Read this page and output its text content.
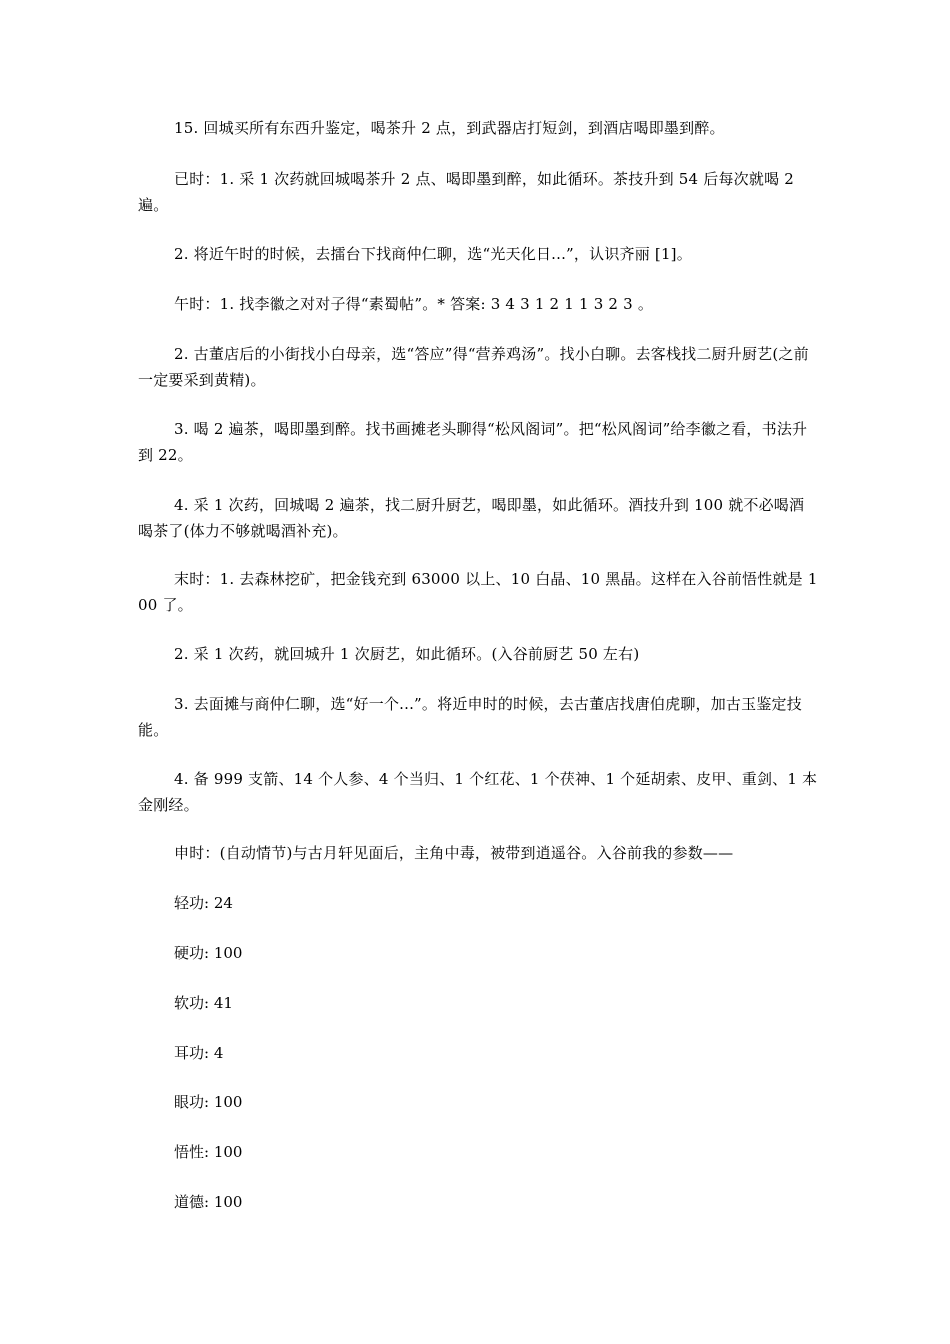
15. 回城买所有东西升鉴定，喝茶升 2 点，到武器店打短剑，到酒店喝即墨到醉。
已时：1. 采 1 次药就回城喝茶升 2 点、喝即墨到醉，如此循环。茶技升到 54 后每次就喝 2 遍。
2. 将近午时的时候，去擂台下找商仲仁聊，选“光天化日...”，认识齐丽 [1]。
午时：1. 找李徽之对对子得“素蜀帖”。* 答案: 3 4 3 1 2 1 1 3 2 3 。
2. 古董店后的小街找小白母亲，选“答应”得“营养鸡汤”。找小白聊。去客栈找二厨升厨艺(之前一定要采到黄精)。
3. 喝 2 遍茶，喝即墨到醉。找书画摊老头聊得“松风阁词”。把“松风阁词”给李徽之看，书法升到 22。
4. 采 1 次药，回城喝 2 遍茶，找二厨升厨艺，喝即墨，如此循环。酒技升到 100 就不必喝酒喝茶了(体力不够就喝酒补充)。
末时：1. 去森林挖矿，把金钱充到 63000 以上、10 白晶、10 黑晶。这样在入谷前悟性就是 100 了。
2. 采 1 次药，就回城升 1 次厨艺，如此循环。(入谷前厨艺 50 左右)
3. 去面摊与商仲仁聊，选“好一个...”。将近申时的时候，去古董店找唐伯虎聊，加古玉鉴定技能。
4. 备 999 支箭、14 个人参、4 个当归、1 个红花、1 个茯神、1 个延胡索、皮甲、重剑、1 本金刚经。
申时：(自动情节)与古月轩见面后，主角中毒，被带到逍遥谷。入谷前我的参数——
轻功: 24
硬功: 100
软功: 41
耳功: 4
眼功: 100
悟性: 100
道德: 100
